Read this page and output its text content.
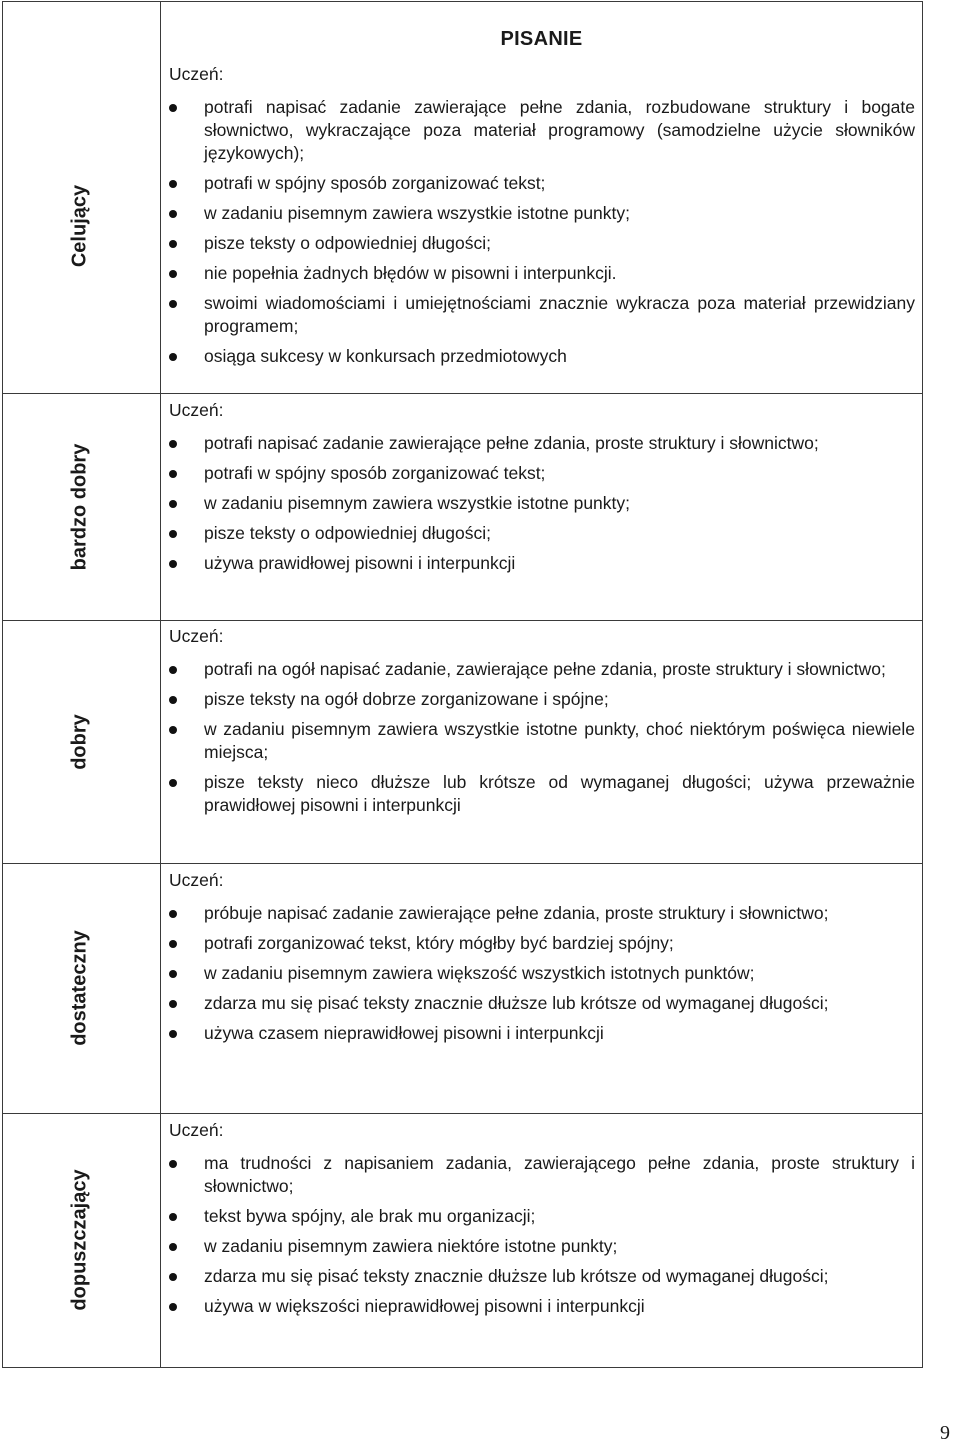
PISANIE
Celujący

Uczeń:

potrafi napisać zadanie zawierające pełne zdania, rozbudowane struktury i bogate słownictwo, wykraczające poza materiał programowy (samodzielne użycie słowników językowych);
potrafi w spójny sposób zorganizować tekst;
w zadaniu pisemnym zawiera wszystkie istotne punkty;
pisze teksty o odpowiedniej długości;
nie popełnia żadnych błędów w pisowni i interpunkcji.
swoimi wiadomościami i umiejętnościami znacznie wykracza poza materiał przewidziany programem;
osiąga sukcesy w konkursach przedmiotowych
bardzo dobry

Uczeń:

potrafi napisać zadanie zawierające pełne zdania, proste struktury i słownictwo;
potrafi w spójny sposób zorganizować tekst;
w zadaniu pisemnym zawiera wszystkie istotne punkty;
pisze teksty o odpowiedniej długości;
używa prawidłowej pisowni i interpunkcji
dobry

Uczeń:

potrafi na ogół napisać zadanie, zawierające pełne zdania, proste struktury i słownictwo;
pisze teksty na ogół dobrze zorganizowane i spójne;
w zadaniu pisemnym zawiera wszystkie istotne punkty, choć niektórym poświęca niewiele miejsca;
pisze teksty nieco dłuższe lub krótsze od wymaganej długości; używa przeważnie prawidłowej pisowni i interpunkcji
dostateczny

Uczeń:

próbuje napisać zadanie zawierające pełne zdania, proste struktury i słownictwo;
potrafi zorganizować tekst, który mógłby być bardziej spójny;
w zadaniu pisemnym zawiera większość wszystkich istotnych punktów;
zdarza mu się pisać teksty znacznie dłuższe lub krótsze od wymaganej długości;
używa czasem nieprawidłowej pisowni i interpunkcji
dopuszczający

Uczeń:

ma trudności z napisaniem zadania, zawierającego pełne zdania, proste struktury i słownictwo;
tekst bywa spójny, ale brak mu organizacji;
w zadaniu pisemnym zawiera niektóre istotne punkty;
zdarza mu się pisać teksty znacznie dłuższe lub krótsze od wymaganej długości;
używa w większości nieprawidłowej pisowni i interpunkcji
9
